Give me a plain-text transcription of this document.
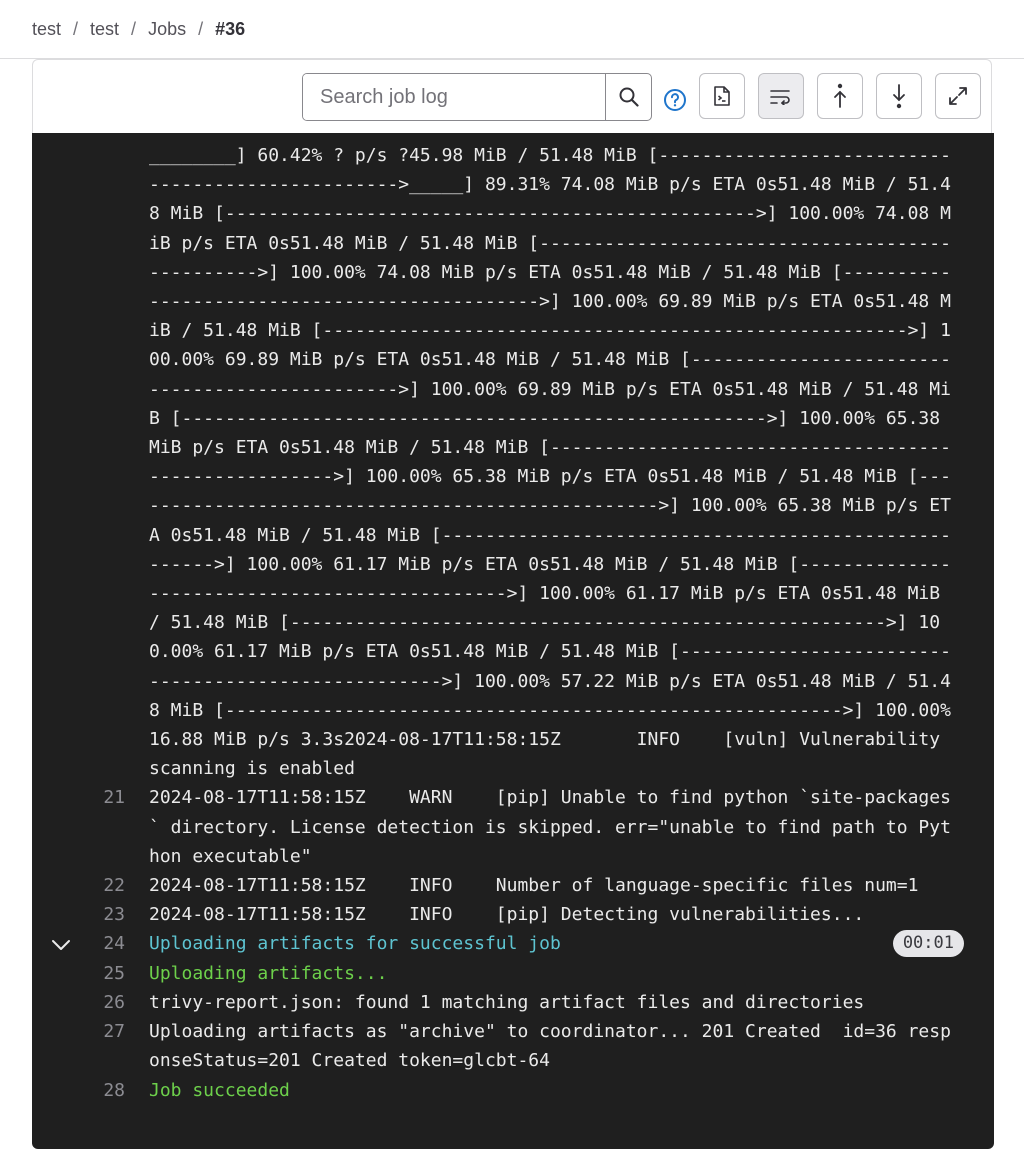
test / test / Jobs / #36
Search job log
________] 60.42% ? p/s ?45.98 MiB / 51.48 MiB [-------------------------------------------------->_____] 89.31% 74.08 MiB p/s ETA 0s51.48 MiB / 51.48 MiB [------------------------------------------------->] 100.00% 74.08 MiB p/s ETA 0s51.48 MiB / 51.48 MiB [------------------------------------------------>] 100.00% 74.08 MiB p/s ETA 0s51.48 MiB / 51.48 MiB [---------------------------------------------->] 100.00% 69.89 MiB p/s ETA 0s51.48 MiB / 51.48 MiB [------------------------------------------------------>] 100.00% 69.89 MiB p/s ETA 0s51.48 MiB / 51.48 MiB [----------------------------------------------->] 100.00% 69.89 MiB p/s ETA 0s51.48 MiB / 51.48 MiB [------------------------------------------------------>] 100.00% 65.38 MiB p/s ETA 0s51.48 MiB / 51.48 MiB [------------------------------------------------------>] 100.00% 65.38 MiB p/s ETA 0s51.48 MiB / 51.48 MiB [-------------------------------------------------->] 100.00% 65.38 MiB p/s ETA 0s51.48 MiB / 51.48 MiB [----------------------------------------------------->] 100.00% 61.17 MiB p/s ETA 0s51.48 MiB / 51.48 MiB [----------------------------------------------->] 100.00% 61.17 MiB p/s ETA 0s51.48 MiB / 51.48 MiB [------------------------------------------------------->] 100.00% 61.17 MiB p/s ETA 0s51.48 MiB / 51.48 MiB [---------------------------------------------------->] 100.00% 57.22 MiB p/s ETA 0s51.48 MiB / 51.48 MiB [--------------------------------------------------------->] 100.00% 16.88 MiB p/s 3.3s2024-08-17T11:58:15Z       INFO    [vuln] Vulnerability scanning is enabled
21 2024-08-17T11:58:15Z    WARN    [pip] Unable to find python `site-packages` directory. License detection is skipped. err="unable to find path to Python executable"
22 2024-08-17T11:58:15Z    INFO    Number of language-specific files num=1
23 2024-08-17T11:58:15Z    INFO    [pip] Detecting vulnerabilities...
24 Uploading artifacts for successful job	00:01
25 Uploading artifacts...
26 trivy-report.json: found 1 matching artifact files and directories
27 Uploading artifacts as "archive" to coordinator... 201 Created  id=36 responseStatus=201 Created token=glcbt-64
28 Job succeeded
